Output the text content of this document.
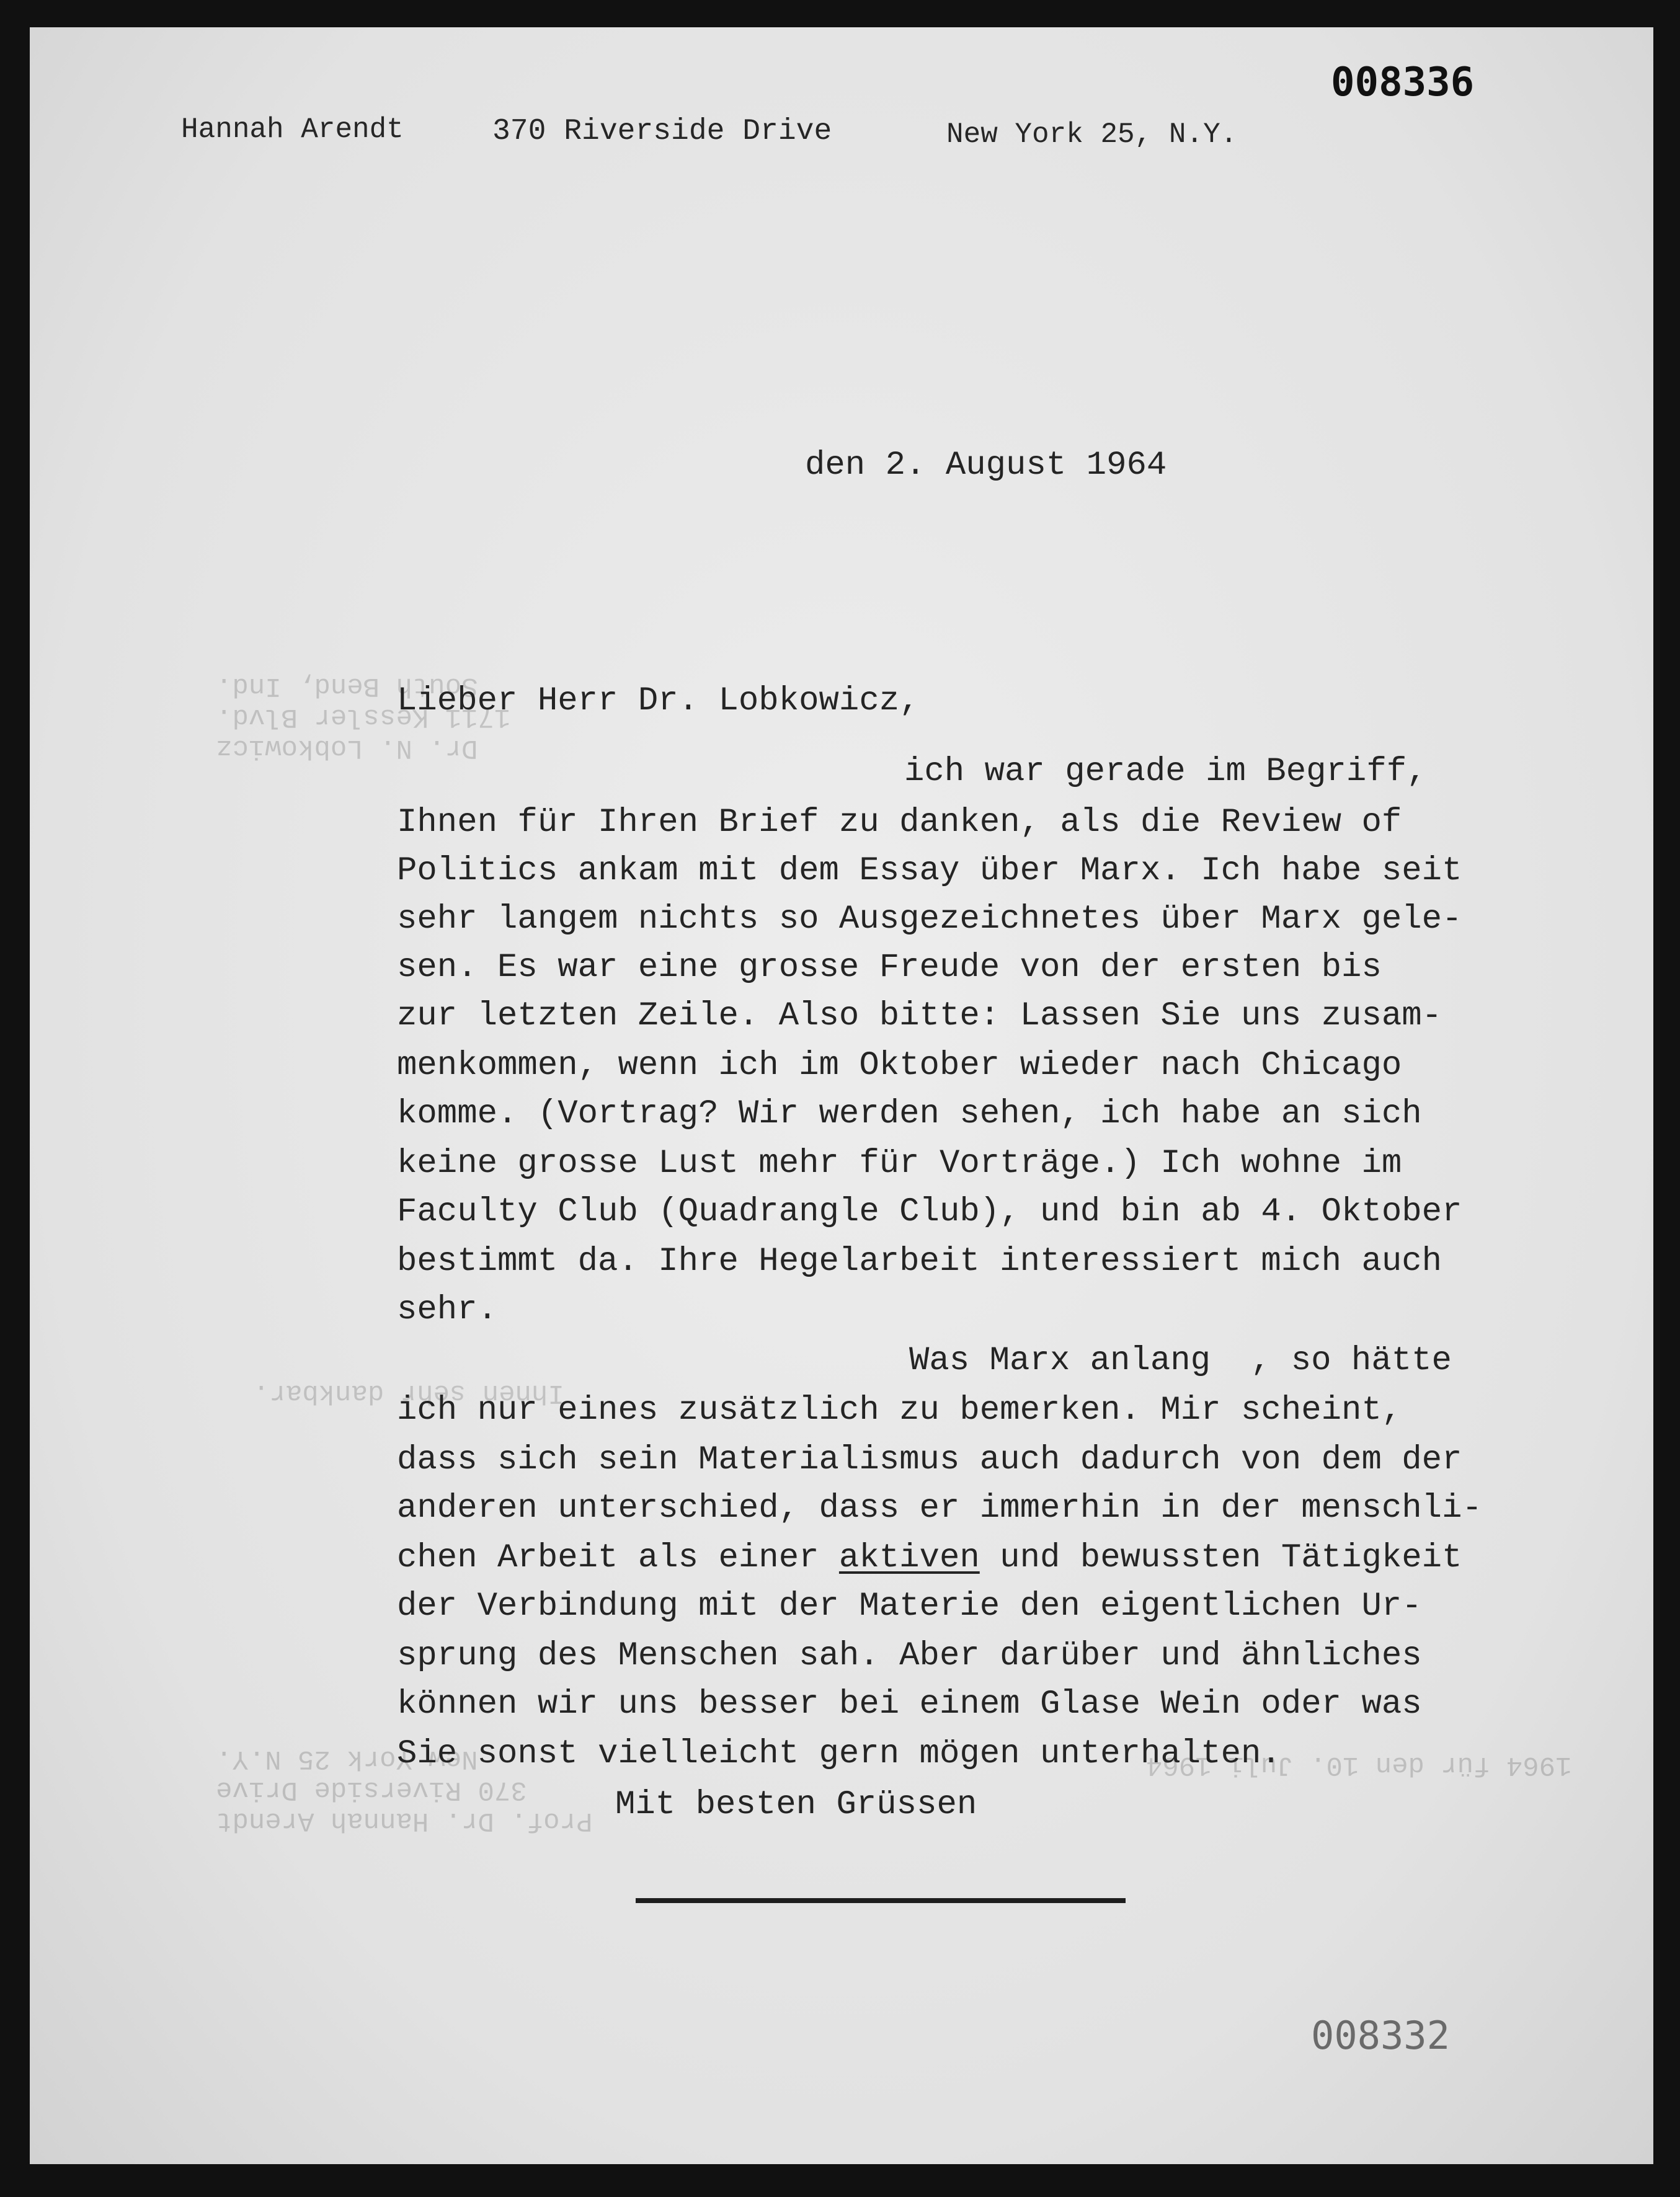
Dr. N. Lobkowicz
1711 Kessler Blvd.
South Bend, Ind.
Prof. Dr. Hannah Arendt
370 Riverside Drive
New York 25 N.Y.	1964 für den 10. Juli 1964
Ihnen sehr dankbar.
008336
008332
Hannah Arendt	370 Riverside Drive	New York 25, N.Y.
den 2. August 1964
Lieber Herr Dr. Lobkowicz,
ich war gerade im Begriff,
Ihnen für Ihren Brief zu danken, als die Review of
Politics ankam mit dem Essay über Marx. Ich habe seit
sehr langem nichts so Ausgezeichnetes über Marx gele-
sen. Es war eine grosse Freude von der ersten bis
zur letzten Zeile. Also bitte: Lassen Sie uns zusam-
menkommen, wenn ich im Oktober wieder nach Chicago
komme. (Vortrag? Wir werden sehen, ich habe an sich
keine grosse Lust mehr für Vorträge.) Ich wohne im
Faculty Club (Quadrangle Club), und bin ab 4. Oktober
bestimmt da. Ihre Hegelarbeit interessiert mich auch
sehr.
Was Marx anlang  , so hätte
ich nur eines zusätzlich zu bemerken. Mir scheint,
dass sich sein Materialismus auch dadurch von dem der
anderen unterschied, dass er immerhin in der menschli-
chen Arbeit als einer aktiven und bewussten Tätigkeit
der Verbindung mit der Materie den eigentlichen Ur-
sprung des Menschen sah. Aber darüber und ähnliches
können wir uns besser bei einem Glase Wein oder was
Sie sonst vielleicht gern mögen unterhalten.
Mit besten Grüssen
